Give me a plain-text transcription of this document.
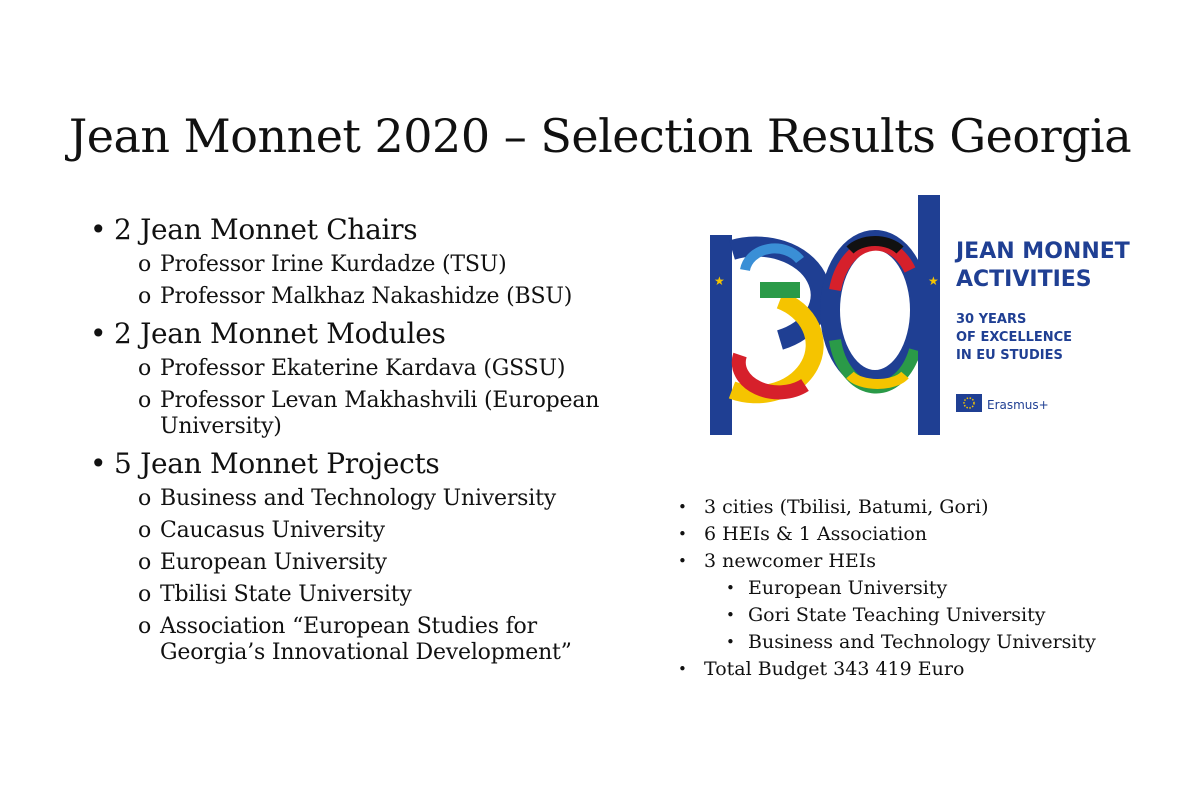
Jean Monnet 2020 – Selection Results Georgia
• 2 Jean Monnet Chairs
o Professor Irine Kurdadze (TSU)
o Professor Malkhaz Nakashidze (BSU)
• 2 Jean Monnet Modules
o Professor Ekaterine Kardava (GSSU)
o Professor Levan Makhashvili (European University)
• 5 Jean Monnet Projects
o Business and Technology University
o Caucasus University
o European University
o Tbilisi State University
o Association “European Studies for Georgia’s Innovational Development”
★	★
★
JEAN MONNET
ACTIVITIES
30 YEARS
OF EXCELLENCE
IN EU STUDIES
Erasmus+
• 3 cities (Tbilisi, Batumi, Gori)
• 6 HEIs & 1 Association
• 3 newcomer HEIs
• European University
• Gori State Teaching University
• Business and Technology University
• Total Budget 343 419 Euro
